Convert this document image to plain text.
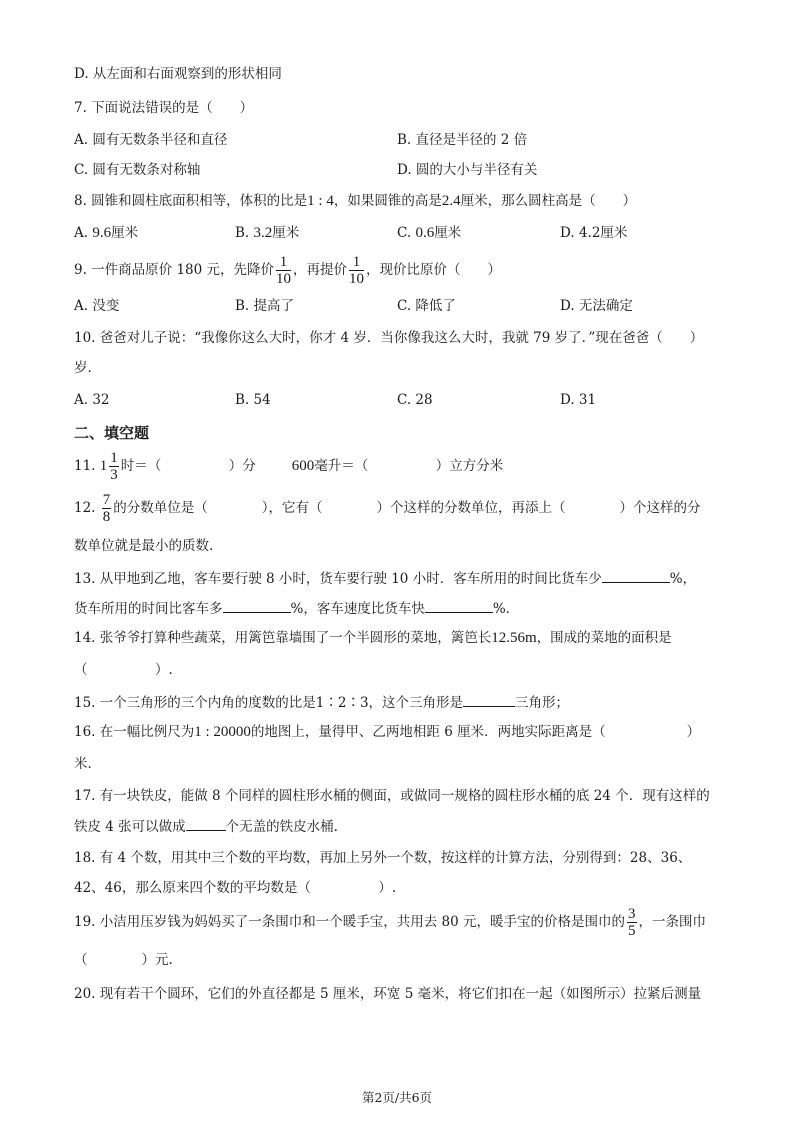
D. 从左面和右面观察到的形状相同
7. 下面说法错误的是（　　）
A. 圆有无数条半径和直径	B. 直径是半径的 2 倍
C. 圆有无数条对称轴	D. 圆的大小与半径有关
8. 圆锥和圆柱底面积相等，体积的比是1 : 4，如果圆锥的高是2.4厘米，那么圆柱高是（　　）
A. 9.6厘米	B. 3.2厘米	C. 0.6厘米	D. 4.2厘米
9. 一件商品原价 180 元，先降价 $\frac{1}{10}$ ，再提价 $\frac{1}{10}$ ，现价比原价（　　）
A. 没变	B. 提高了	C. 降低了	D. 无法确定
10. 爸爸对儿子说：“我像你这么大时，你才 4 岁．当你像我这么大时，我就 79 岁了．”现在爸爸（　　）
岁.
A. 32	B. 54	C. 28	D. 31
二、填空题
11. $1 \frac{1}{3}$ 时＝（　　　　　）分 600毫升＝（　　　　　）立方分米
12. $\frac{7}{8}$ 的分数单位是（　　　　），它有（　　　　）个这样的分数单位，再添上（　　　　）个这样的分
数单位就是最小的质数.
13. 从甲地到乙地，客车要行驶 8 小时，货车要行驶 10 小时．客车所用的时间比货车少	%，
货车所用的时间比客车多	%，客车速度比货车快	%．
14. 张爷爷打算种些蔬菜，用篱笆靠墙围了一个半圆形的菜地，篱笆长12.56m，围成的菜地的面积是
（　　　　　）.
15. 一个三角形的三个内角的度数的比是1∶2∶3，这个三角形是	三角形；
16. 在一幅比例尺为1 : 20000的地图上，量得甲、乙两地相距 6 厘米．两地实际距离是（　　　　　　）
米.
17. 有一块铁皮，能做 8 个同样的圆柱形水桶的侧面，或做同一规格的圆柱形水桶的底 24 个．现有这样的
铁皮 4 张可以做成	个无盖的铁皮水桶.
18. 有 4 个数，用其中三个数的平均数，再加上另外一个数，按这样的计算方法，分别得到：28、36、
42、46，那么原来四个数的平均数是（　　　　　）.
19. 小洁用压岁钱为妈妈买了一条围巾和一个暖手宝，共用去 80 元，暖手宝的价格是围巾的 $\frac{3}{5}$ ，一条围巾
（　　　　）元.
20. 现有若干个圆环，它们的外直径都是 5 厘米，环宽 5 毫米，将它们扣在一起（如图所示）拉紧后测量
第2页/共6页
